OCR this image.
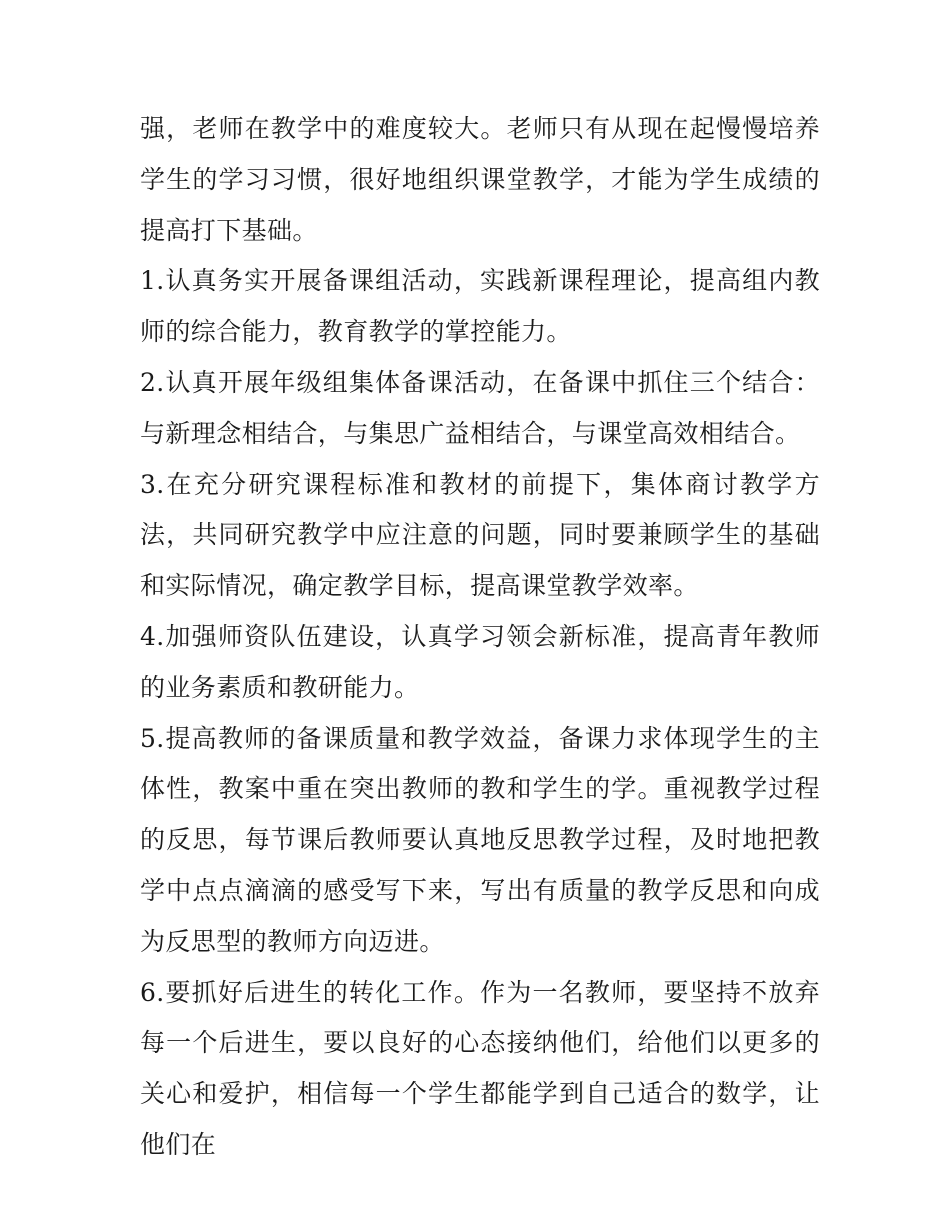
强，老师在教学中的难度较大。老师只有从现在起慢慢培养学生的学习习惯，很好地组织课堂教学，才能为学生成绩的提高打下基础。

1.认真务实开展备课组活动，实践新课程理论，提高组内教师的综合能力，教育教学的掌控能力。

2.认真开展年级组集体备课活动，在备课中抓住三个结合：与新理念相结合，与集思广益相结合，与课堂高效相结合。

3.在充分研究课程标准和教材的前提下，集体商讨教学方法，共同研究教学中应注意的问题，同时要兼顾学生的基础和实际情况，确定教学目标，提高课堂教学效率。

4.加强师资队伍建设，认真学习领会新标准，提高青年教师的业务素质和教研能力。

5.提高教师的备课质量和教学效益，备课力求体现学生的主体性，教案中重在突出教师的教和学生的学。重视教学过程的反思，每节课后教师要认真地反思教学过程，及时地把教学中点点滴滴的感受写下来，写出有质量的教学反思和向成为反思型的教师方向迈进。

6.要抓好后进生的转化工作。作为一名教师，要坚持不放弃每一个后进生，要以良好的心态接纳他们，给他们以更多的关心和爱护，相信每一个学生都能学到自己适合的数学，让他们在
